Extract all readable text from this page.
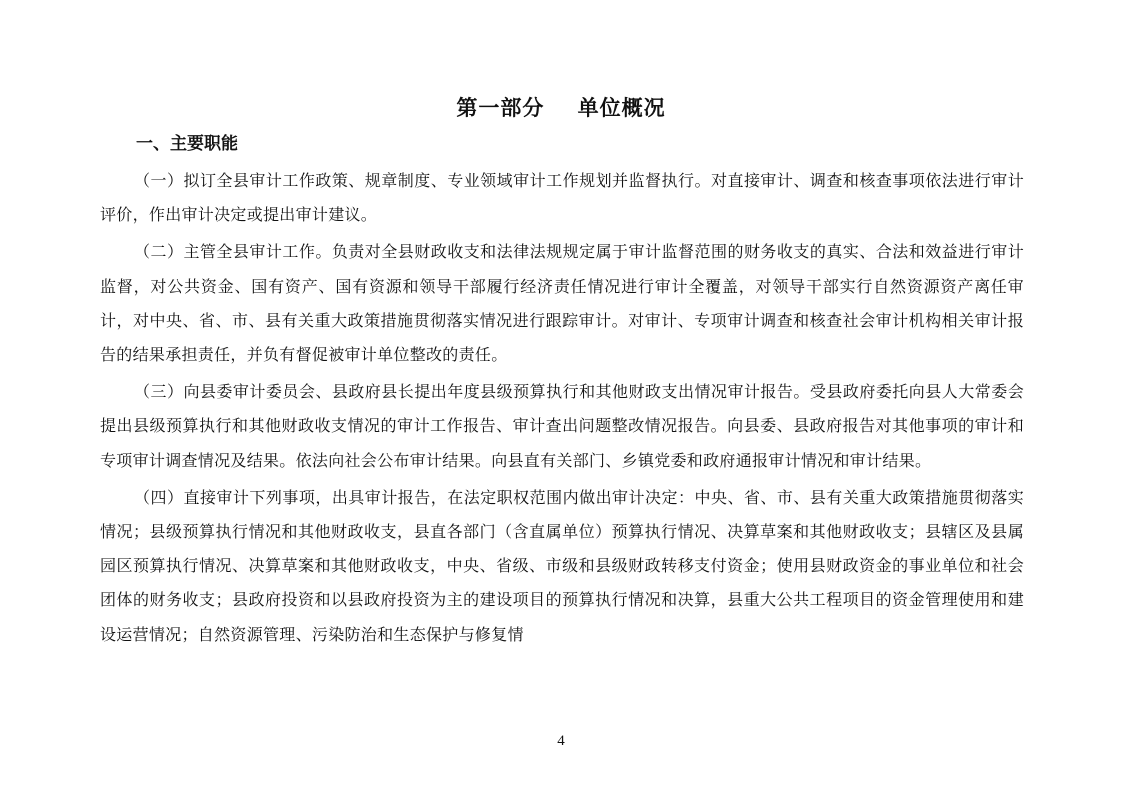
第一部分    单位概况
一、主要职能

（一）拟订全县审计工作政策、规章制度、专业领域审计工作规划并监督执行。对直接审计、调查和核查事项依法进行审计评价，作出审计决定或提出审计建议。

（二）主管全县审计工作。负责对全县财政收支和法律法规规定属于审计监督范围的财务收支的真实、合法和效益进行审计监督，对公共资金、国有资产、国有资源和领导干部履行经济责任情况进行审计全覆盖，对领导干部实行自然资源资产离任审计，对中央、省、市、县有关重大政策措施贯彻落实情况进行跟踪审计。对审计、专项审计调查和核查社会审计机构相关审计报告的结果承担责任，并负有督促被审计单位整改的责任。

（三）向县委审计委员会、县政府县长提出年度县级预算执行和其他财政支出情况审计报告。受县政府委托向县人大常委会提出县级预算执行和其他财政收支情况的审计工作报告、审计查出问题整改情况报告。向县委、县政府报告对其他事项的审计和专项审计调查情况及结果。依法向社会公布审计结果。向县直有关部门、乡镇党委和政府通报审计情况和审计结果。

（四）直接审计下列事项，出具审计报告，在法定职权范围内做出审计决定：中央、省、市、县有关重大政策措施贯彻落实情况；县级预算执行情况和其他财政收支，县直各部门（含直属单位）预算执行情况、决算草案和其他财政收支；县辖区及县属园区预算执行情况、决算草案和其他财政收支，中央、省级、市级和县级财政转移支付资金；使用县财政资金的事业单位和社会团体的财务收支；县政府投资和以县政府投资为主的建设项目的预算执行情况和决算，县重大公共工程项目的资金管理使用和建设运营情况；自然资源管理、污染防治和生态保护与修复情

4
